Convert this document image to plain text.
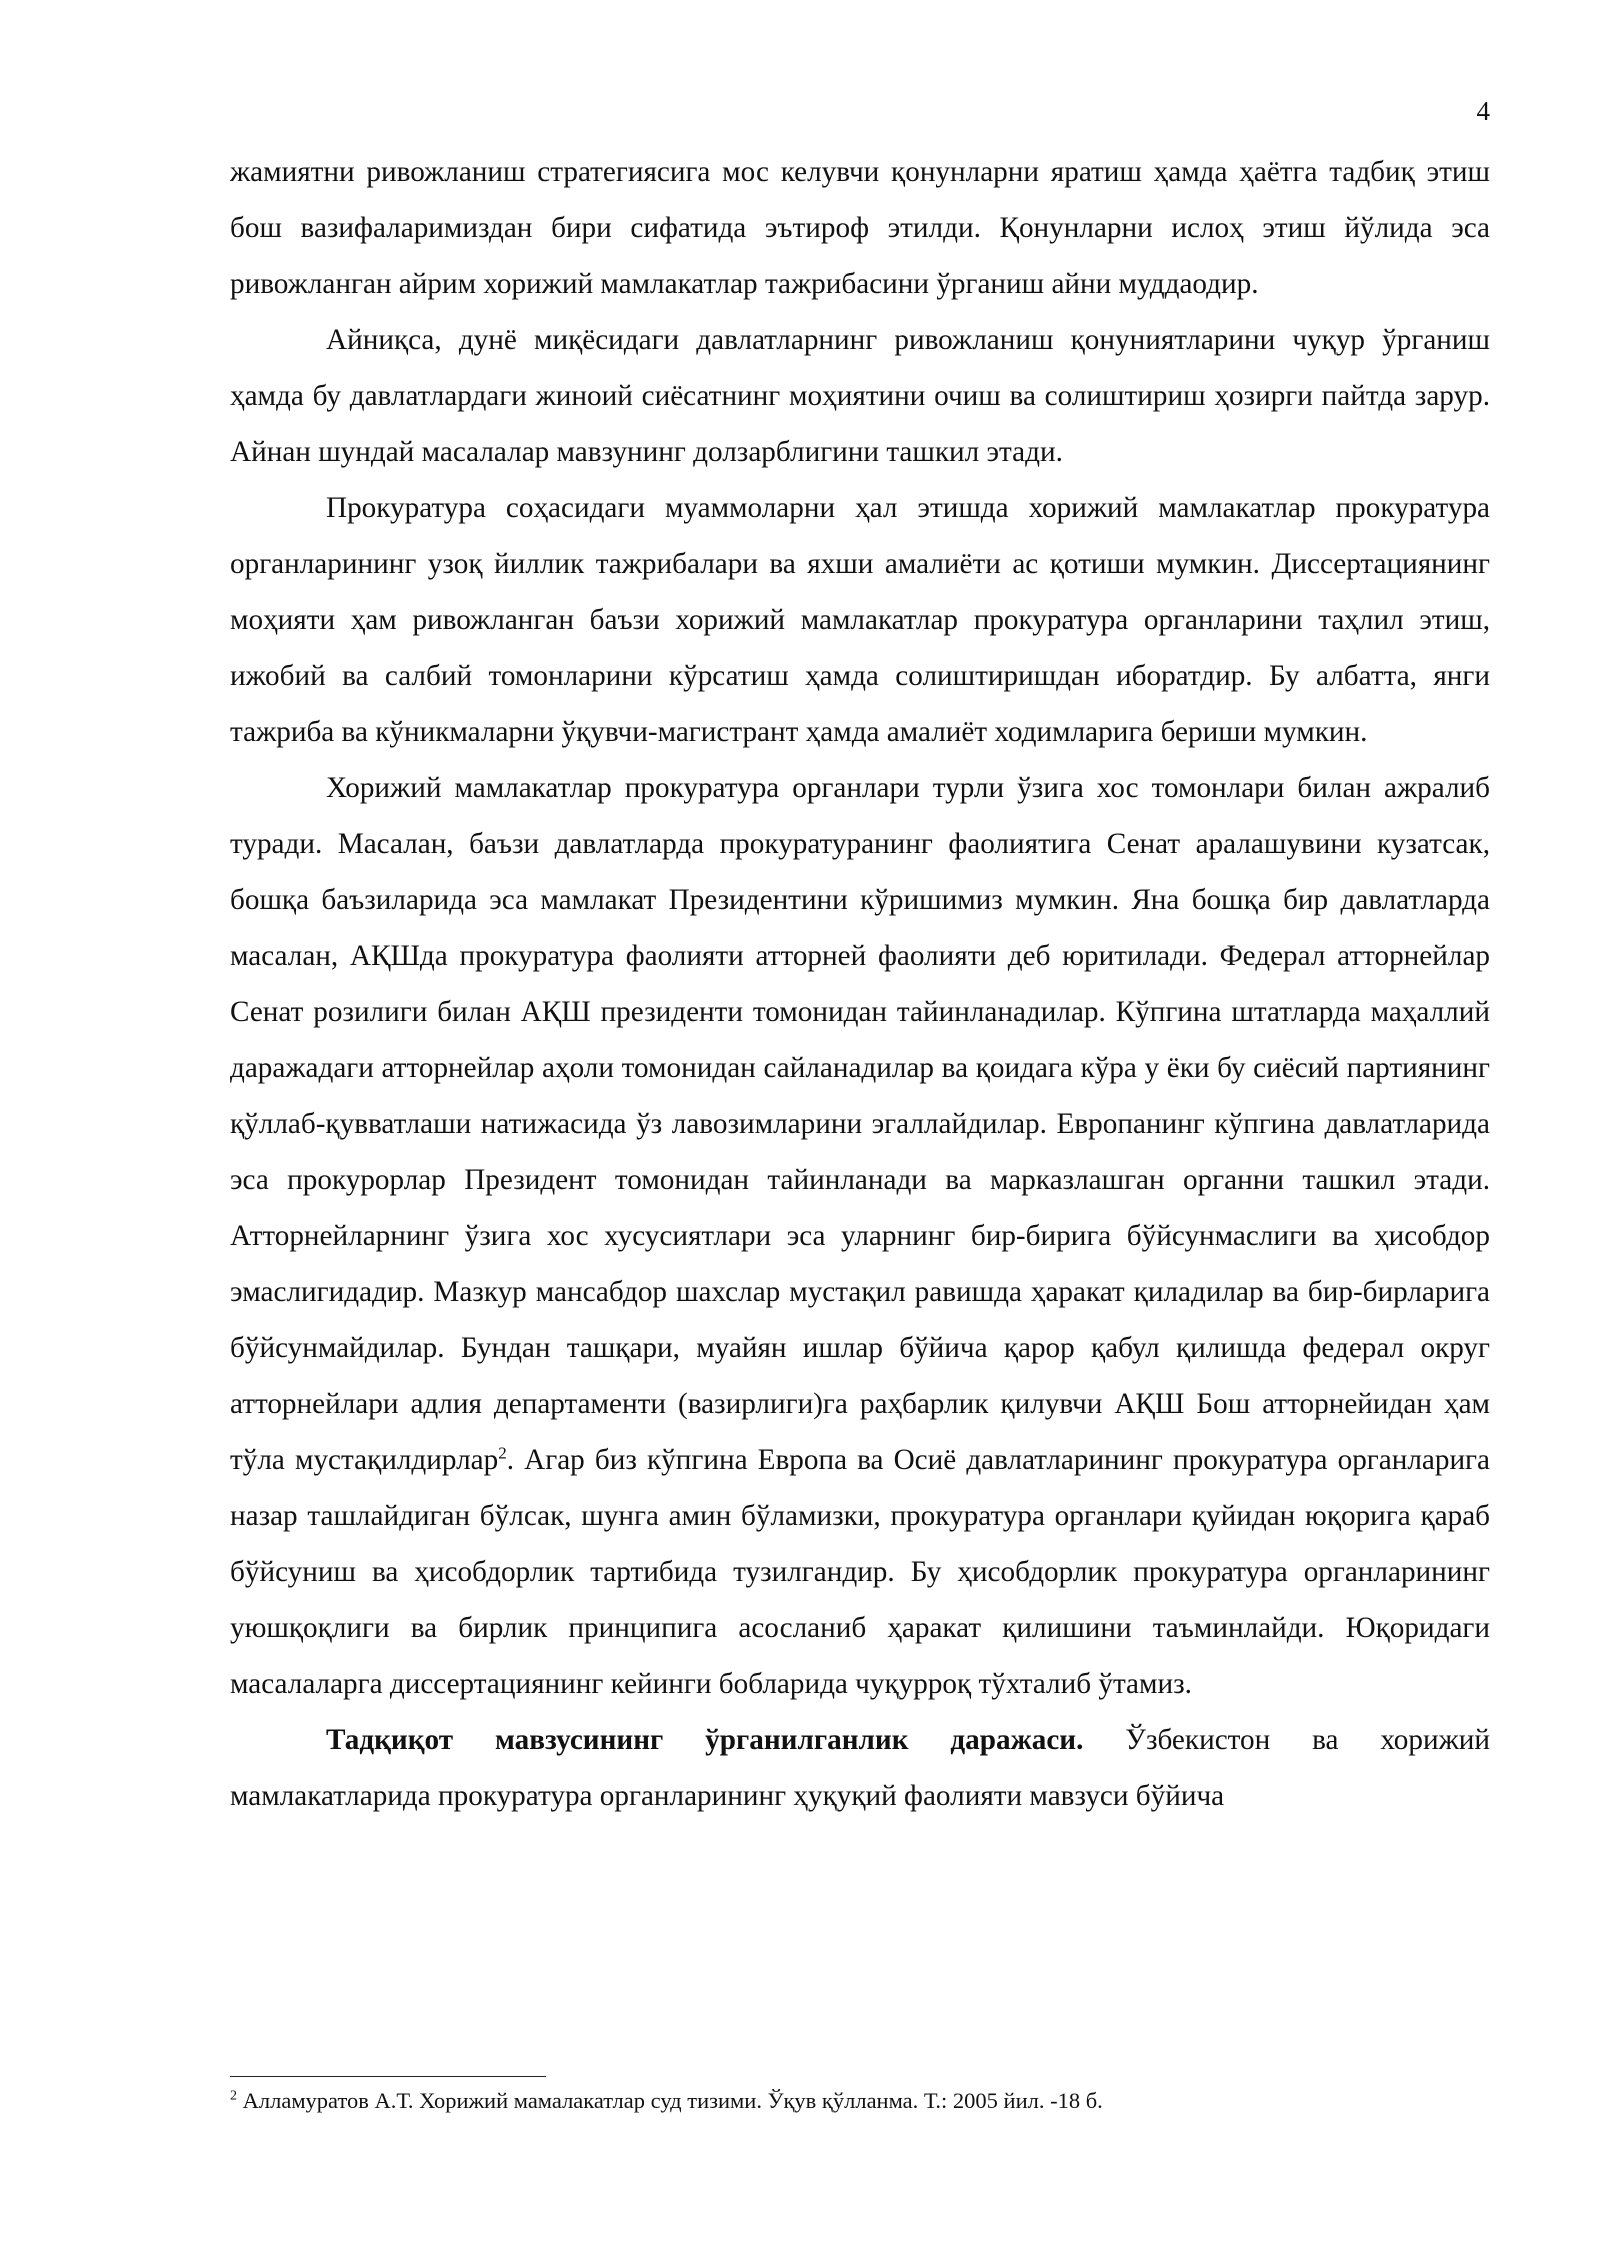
4

жамиятни ривожланиш стратегиясига мос келувчи қонунларни яратиш ҳамда ҳаётга тадбиқ этиш бош вазифаларимиздан бири сифатида эътироф этилди. Қонунларни ислоҳ этиш йўлида эса ривожланган айрим хорижий мамлакатлар тажрибасини ўрганиш айни муддаодир.

Айниқса, дунё миқёсидаги давлатларнинг ривожланиш қонуниятларини чуқур ўрганиш ҳамда бу давлатлардаги жиноий сиёсатнинг моҳиятини очиш ва солиштириш ҳозирги пайтда зарур. Айнан шундай масалалар мавзунинг долзарблигини ташкил этади.

Прокуратура соҳасидаги муаммоларни ҳал этишда хорижий мамлакатлар прокуратура органларининг узоқ йиллик тажрибалари ва яхши амалиёти ас қотиши мумкин. Диссертациянинг моҳияти ҳам ривожланган баъзи хорижий мамлакатлар прокуратура органларини таҳлил этиш, ижобий ва салбий томонларини кўрсатиш ҳамда солиштиришдан иборатдир. Бу албатта, янги тажриба ва кўникмаларни ўқувчи-магистрант ҳамда амалиёт ходимларига бериши мумкин.

Хорижий мамлакатлар прокуратура органлари турли ўзига хос томонлари билан ажралиб туради. Масалан, баъзи давлатларда прокуратуранинг фаолиятига Сенат аралашувини кузатсак, бошқа баъзиларида эса мамлакат Президентини кўришимиз мумкин. Яна бошқа бир давлатларда масалан, АҚШда прокуратура фаолияти атторней фаолияти деб юритилади. Федерал атторнейлар Сенат розилиги билан АҚШ президенти томонидан тайинланадилар. Кўпгина штатларда маҳаллий даражадаги атторнейлар аҳоли томонидан сайланадилар ва қоидага кўра у ёки бу сиёсий партиянинг қўллаб-қувватлаши натижасида ўз лавозимларини эгаллайдилар. Европанинг кўпгина давлатларида эса прокурорлар Президент томонидан тайинланади ва марказлашган органни ташкил этади. Атторнейларнинг ўзига хос хусусиятлари эса уларнинг бир-бирига бўйсунмаслиги ва ҳисобдор эмаслигидадир. Мазкур мансабдор шахслар мустақил равишда ҳаракат қиладилар ва бир-бирларига бўйсунмайдилар. Бундан ташқари, муайян ишлар бўйича қарор қабул қилишда федерал округ атторнейлари адлия департаменти (вазирлиги)га раҳбарлик қилувчи АҚШ Бош атторнейидан ҳам тўла мустақилдирлар$^2$. Агар биз кўпгина Европа ва Осиё давлатларининг прокуратура органларига назар ташлайдиган бўлсак, шунга амин бўламизки, прокуратура органлари қуйидан юқорига қараб бўйсуниш ва ҳисобдорлик тартибида тузилгандир. Бу ҳисобдорлик прокуратура органларининг уюшқоқлиги ва бирлик принципига асосланиб ҳаракат қилишини таъминлайди. Юқоридаги масалаларга диссертациянинг кейинги бобларида чуқурроқ тўхталиб ўтамиз.

Тадқиқот мавзусининг ўрганилганлик даражаси. Ўзбекистон ва хорижий мамлакатларида прокуратура органларининг ҳуқуқий фаолияти мавзуси бўйича

$^2$ Алламуратов А.Т. Хорижий мамалакатлар суд тизими. Ўқув қўлланма. Т.: 2005 йил. -18 б.
